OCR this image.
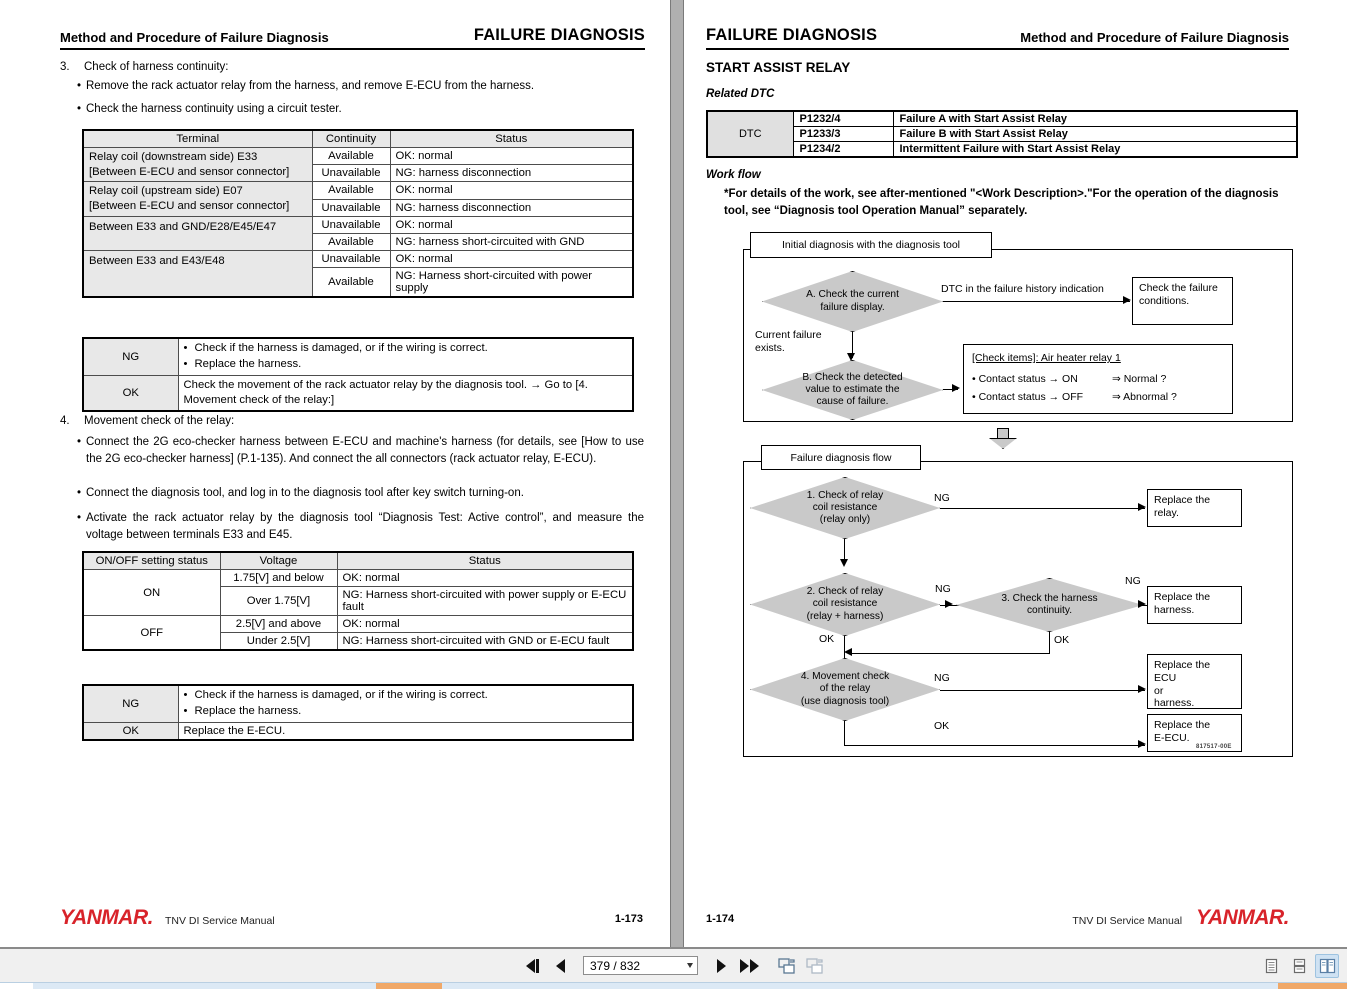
Method and Procedure of Failure Diagnosis	FAILURE DIAGNOSIS
3.	Check of harness continuity:
• Remove the rack actuator relay from the harness, and remove E-ECU from the harness.
• Check the harness continuity using a circuit tester.
Terminal	Continuity	Status

Relay coil (downstream side) E33
[Between E-ECU and sensor connector]	Available	OK: normal
	Unavailable	NG: harness disconnection

Relay coil (upstream side) E07
[Between E-ECU and sensor connector]	Available	OK: normal
	Unavailable	NG: harness disconnection

Between E33 and GND/E28/E45/E47	Unavailable	OK: normal
	Available	NG: harness short-circuited with GND

Between E33 and E43/E48	Unavailable	OK: normal
	Available	NG: Harness short-circuited with power supply
NG	• Check if the harness is damaged, or if the wiring is correct.
• Replace the harness.

OK	Check the movement of the rack actuator relay by the diagnosis tool. → Go to [4. Movement check of the relay:]
4.	Movement check of the relay:
• Connect the 2G eco-checker harness between E-ECU and machine's harness (for details, see [How to use the 2G eco-checker harness] (P.1-135). And connect the all connectors (rack actuator relay, E-ECU).
• Connect the diagnosis tool, and log in to the diagnosis tool after key switch turning-on.
• Activate the rack actuator relay by the diagnosis tool “Diagnosis Test: Active control”, and measure the voltage between terminals E33 and E45.
ON/OFF setting status	Voltage	Status
ON	1.75[V] and below	OK: normal
	Over 1.75[V]	NG: Harness short-circuited with power supply or E-ECU fault
OFF	2.5[V] and above	OK: normal
	Under 2.5[V]	NG: Harness short-circuited with GND or E-ECU fault
NG	• Check if the harness is damaged, or if the wiring is correct.
• Replace the harness.

OK	Replace the E-ECU.
YANMAR. TNV DI Service Manual	1-173
FAILURE DIAGNOSIS	Method and Procedure of Failure Diagnosis
START ASSIST RELAY
Related DTC
DTC	P1232/4	Failure A with Start Assist Relay
	P1233/3	Failure B with Start Assist Relay
	P1234/2	Intermittent Failure with Start Assist Relay
Work flow
*For details of the work, see after-mentioned "<Work Description>."For the operation of the diagnosis tool, see “Diagnosis tool Operation Manual” separately.
Initial diagnosis with the diagnosis tool
A. Check the current
failure display.
DTC in the failure history indication	Check the failure
conditions.
Current failure
exists.
B. Check the detected
value to estimate the
cause of failure.
[Check items]: Air heater relay 1
• Contact status → ON	⇒ Normal ?
• Contact status → OFF	⇒ Abnormal ?
Failure diagnosis flow
1. Check of relay
coil resistance
(relay only)
NG	Replace the
relay.
2. Check of relay
coil resistance
(relay + harness)
NG
3. Check the harness
continuity.
NG
Replace the
harness.
OK
OK
4. Movement check
of the relay
(use diagnosis tool)
NG
Replace the ECU
or
harness.
OK	Replace the
E-ECU.
817517-00E
1-174	TNV DI Service Manual YANMAR.
379 / 832
